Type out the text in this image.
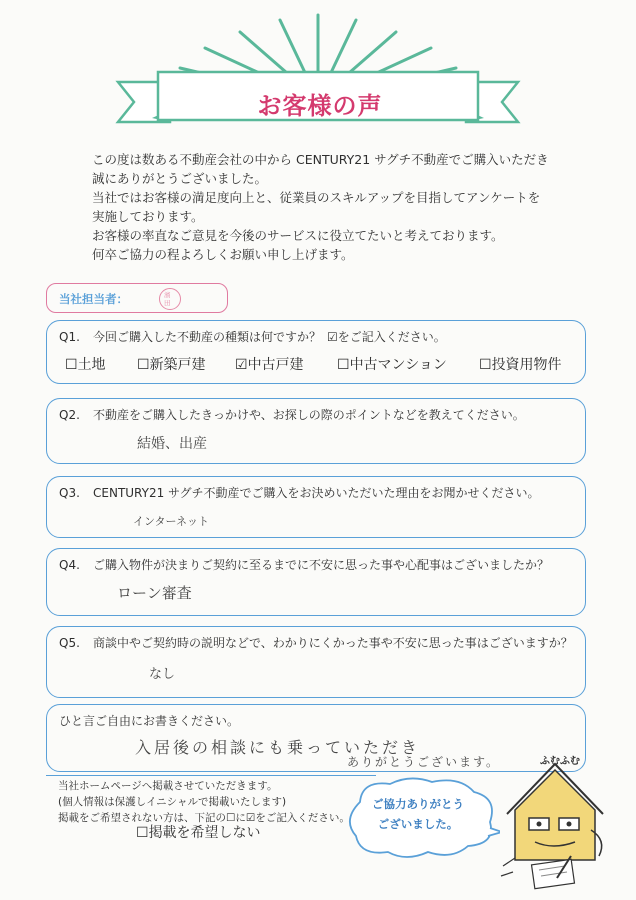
お客様の声

この度は数ある不動産会社の中から CENTURY21 サグチ不動産でご購入いただき

誠にありがとうございました。

当社ではお客様の満足度向上と、従業員のスキルアップを目指してアンケートを

実施しております。

お客様の率直なご意見を今後のサービスに役立てたいと考えております。

何卒ご協力の程よろしくお願い申し上げます。

当社担当者：	濱
田
Q1. 今回ご購入した不動産の種類は何ですか？ ☑をご記入ください。
☐土地 ☐新築戸建 ☑中古戸建 ☐中古マンション ☐投資用物件
Q2. 不動産をご購入したきっかけや、お探しの際のポイントなどを教えてください。
結婚、出産
Q3. CENTURY21 サグチ不動産でご購入をお決めいただいた理由をお聞かせください。
インターネット
Q4. ご購入物件が決まりご契約に至るまでに不安に思った事や心配事はございましたか？
ローン審査
Q5. 商談中やご契約時の説明などで、わかりにくかった事や不安に思った事はございますか？
なし
ひと言ご自由にお書きください。
入居後の相談にも乗っていただき
ありがとうございます。
当社ホームページへ掲載させていただきます。
(個人情報は保護しイニシャルで掲載いたします)
掲載をご希望されない方は、下記の☐に☑をご記入ください。
☐掲載を希望しない
ご協力ありがとう
ございました。
ふむふむ
